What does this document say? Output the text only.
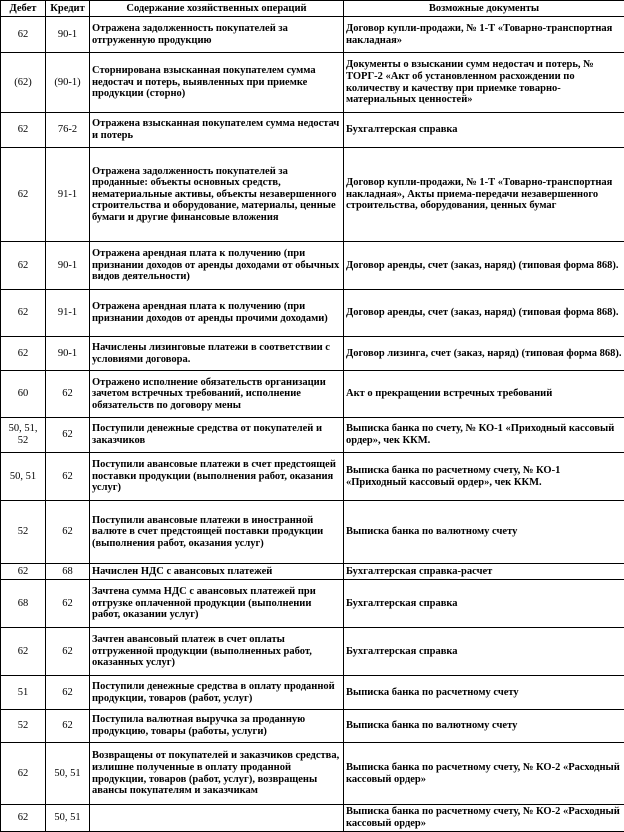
Дебет	Кредит	Содержание хозяйственных операций	Возможные документы
62	90-1	Отражена задолженность покупателей за отгруженную продукцию	Договор купли-продажи, № 1-Т «Товарно-транспортная накладная»
(62)	(90-1)	Сторнирована взысканная покупателем сумма недостач и потерь, выявленных при приемке продукции (сторно)	Документы о взыскании сумм недостач и потерь, № ТОРГ-2 «Акт об установленном расхождении по количеству и качеству при приемке товарно-материальных ценностей»
62	76-2	Отражена взысканная покупателем сумма недостач и потерь	Бухгалтерская справка
62	91-1	Отражена задолженность покупателей за проданные: объекты основных средств, нематериальные активы, объекты незавершенного строительства и оборудование, материалы, ценные бумаги и другие финансовые вложения	Договор купли-продажи, № 1-Т «Товарно-транспортная накладная», Акты приема-передачи незавершенного строительства, оборудования, ценных бумаг
62	90-1	Отражена арендная плата к получению (при признании доходов от аренды доходами от обычных видов деятельности)	Договор аренды, счет (заказ, наряд) (типовая форма 868).
62	91-1	Отражена арендная плата к получению (при признании доходов от аренды прочими доходами)	Договор аренды, счет (заказ, наряд) (типовая форма 868).
62	90-1	Начислены лизинговые платежи в соответствии с условиями договора.	Договор лизинга, счет (заказ, наряд) (типовая форма 868).
60	62	Отражено исполнение обязательств организации зачетом встречных требований, исполнение обязательств по договору мены	Акт о прекращении встречных требований
50, 51, 52	62	Поступили денежные средства от покупателей и заказчиков	Выписка банка по счету, № КО-1 «Приходный кассовый ордер», чек ККМ.
50, 51	62	Поступили авансовые платежи в счет предстоящей поставки продукции (выполнения работ, оказания услуг)	Выписка банка по расчетному счету, № КО-1 «Приходный кассовый ордер», чек ККМ.
52	62	Поступили авансовые платежи в иностранной валюте в счет предстоящей поставки продукции (выполнения работ, оказания услуг)	Выписка банка по валютному счету
62	68	Начислен НДС с авансовых платежей	Бухгалтерская справка-расчет
68	62	Зачтена сумма НДС с авансовых платежей при отгрузке оплаченной продукции (выполнении работ, оказании услуг)	Бухгалтерская справка
62	62	Зачтен авансовый платеж в счет оплаты отгруженной продукции (выполненных работ, оказанных услуг)	Бухгалтерская справка
51	62	Поступили денежные средства в оплату проданной продукции, товаров (работ, услуг)	Выписка банка по расчетному счету
52	62	Поступила валютная выручка за проданную продукцию, товары (работы, услуги)	Выписка банка по валютному счету
62	50, 51	Возвращены от покупателей и заказчиков средства, излишне полученные в оплату проданной продукции, товаров (работ, услуг), возвращены авансы покупателям и заказчикам	Выписка банка по расчетному счету, № КО-2 «Расходный кассовый ордер»
62	50, 51		Выписка банка по расчетному счету, № КО-2 «Расходный кассовый ордер»
